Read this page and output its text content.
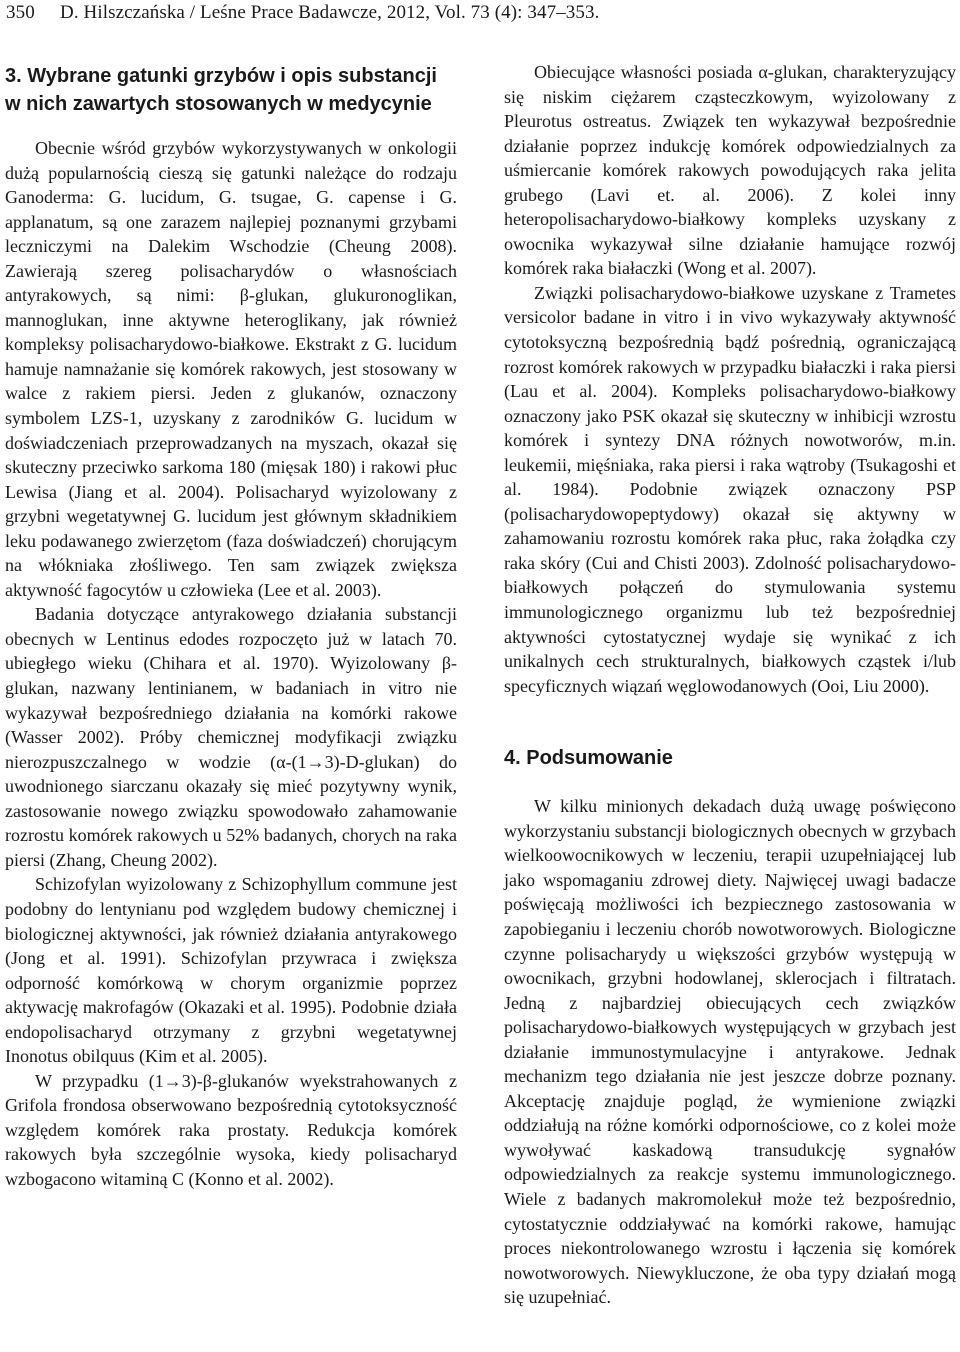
350 D. Hilszczańska / Leśne Prace Badawcze, 2012, Vol. 73 (4): 347–353.
3. Wybrane gatunki grzybów i opis substancji w nich zawartych stosowanych w medycynie

Obecnie wśród grzybów wykorzystywanych w onkologii dużą popularnością cieszą się gatunki należące do rodzaju Ganoderma: G. lucidum, G. tsugae, G. capense i G. applanatum, są one zarazem najlepiej poznanymi grzybami leczniczymi na Dalekim Wschodzie (Cheung 2008). Zawierają szereg polisacharydów o własnościach antyrakowych, są nimi: β-glukan, glukuronoglikan, mannoglukan, inne aktywne heteroglikany, jak również kompleksy polisacharydowo-białkowe. Ekstrakt z G. lucidum hamuje namnażanie się komórek rakowych, jest stosowany w walce z rakiem piersi. Jeden z glukanów, oznaczony symbolem LZS-1, uzyskany z zarodników G. lucidum w doświadczeniach przeprowadzanych na myszach, okazał się skuteczny przeciwko sarkoma 180 (mięsak 180) i rakowi płuc Lewisa (Jiang et al. 2004). Polisacharyd wyizolowany z grzybni wegetatywnej G. lucidum jest głównym składnikiem leku podawanego zwierzętom (faza doświadczeń) chorującym na włókniaka złośliwego. Ten sam związek zwiększa aktywność fagocytów u człowieka (Lee et al. 2003).

Badania dotyczące antyrakowego działania substancji obecnych w Lentinus edodes rozpoczęto już w latach 70. ubiegłego wieku (Chihara et al. 1970). Wyizolowany β-glukan, nazwany lentinianem, w badaniach in vitro nie wykazywał bezpośredniego działania na komórki rakowe (Wasser 2002). Próby chemicznej modyfikacji związku nierozpuszczalnego w wodzie (α-(1→3)-D-glukan) do uwodnionego siarczanu okazały się mieć pozytywny wynik, zastosowanie nowego związku spowodowało zahamowanie rozrostu komórek rakowych u 52% badanych, chorych na raka piersi (Zhang, Cheung 2002).

Schizofylan wyizolowany z Schizophyllum commune jest podobny do lentynianu pod względem budowy chemicznej i biologicznej aktywności, jak również działania antyrakowego (Jong et al. 1991). Schizofylan przywraca i zwiększa odporność komórkową w chorym organizmie poprzez aktywację makrofagów (Okazaki et al. 1995). Podobnie działa endopolisacharyd otrzymany z grzybni wegetatywnej Inonotus obilquus (Kim et al. 2005).

W przypadku (1→3)-β-glukanów wyekstrahowanych z Grifola frondosa obserwowano bezpośrednią cytotoksyczność względem komórek raka prostaty. Redukcja komórek rakowych była szczególnie wysoka, kiedy polisacharyd wzbogacono witaminą C (Konno et al. 2002).

Obiecujące własności posiada α-glukan, charakteryzujący się niskim ciężarem cząsteczkowym, wyizolowany z Pleurotus ostreatus. Związek ten wykazywał bezpośrednie działanie poprzez indukcję komórek odpowiedzialnych za uśmiercanie komórek rakowych powodujących raka jelita grubego (Lavi et. al. 2006). Z kolei inny heteropolisacharydowo-białkowy kompleks uzyskany z owocnika wykazywał silne działanie hamujące rozwój komórek raka białaczki (Wong et al. 2007).

Związki polisacharydowo-białkowe uzyskane z Trametes versicolor badane in vitro i in vivo wykazywały aktywność cytotoksyczną bezpośrednią bądź pośrednią, ograniczającą rozrost komórek rakowych w przypadku białaczki i raka piersi (Lau et al. 2004). Kompleks polisacharydowo-białkowy oznaczony jako PSK okazał się skuteczny w inhibicji wzrostu komórek i syntezy DNA różnych nowotworów, m.in. leukemii, mięśniaka, raka piersi i raka wątroby (Tsukagoshi et al. 1984). Podobnie związek oznaczony PSP (polisacharydowopeptydowy) okazał się aktywny w zahamowaniu rozrostu komórek raka płuc, raka żołądka czy raka skóry (Cui and Chisti 2003). Zdolność polisacharydowo-białkowych połączeń do stymulowania systemu immunologicznego organizmu lub też bezpośredniej aktywności cytostatycznej wydaje się wynikać z ich unikalnych cech strukturalnych, białkowych cząstek i/lub specyficznych wiązań węglowodanowych (Ooi, Liu 2000).

4. Podsumowanie

W kilku minionych dekadach dużą uwagę poświęcono wykorzystaniu substancji biologicznych obecnych w grzybach wielkoowocnikowych w leczeniu, terapii uzupełniającej lub jako wspomaganiu zdrowej diety. Najwięcej uwagi badacze poświęcają możliwości ich bezpiecznego zastosowania w zapobieganiu i leczeniu chorób nowotworowych. Biologiczne czynne polisacharydy u większości grzybów występują w owocnikach, grzybni hodowlanej, sklerocjach i filtratach. Jedną z najbardziej obiecujących cech związków polisacharydowo-białkowych występujących w grzybach jest działanie immunostymulacyjne i antyrakowe. Jednak mechanizm tego działania nie jest jeszcze dobrze poznany. Akceptację znajduje pogląd, że wymienione związki oddziałują na różne komórki odpornościowe, co z kolei może wywoływać kaskadową transudukcję sygnałów odpowiedzialnych za reakcje systemu immunologicznego. Wiele z badanych makromolekuł może też bezpośrednio, cytostatycznie oddziaływać na komórki rakowe, hamując proces niekontrolowanego wzrostu i łączenia się komórek nowotworowych. Niewykluczone, że oba typy działań mogą się uzupełniać.
